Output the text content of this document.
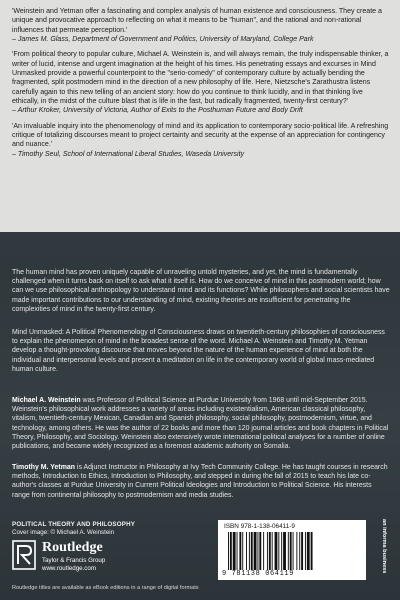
'Weinstein and Yetman offer a fascinating and complex analysis of human existence and consciousness. They create a unique and provocative approach to reflecting on what it means to be "human", and the rational and non-rational influences that permeate perception.'
– James M. Glass, Department of Government and Politics, University of Maryland, College Park

'From political theory to popular culture, Michael A. Weinstein is, and will always remain, the truly indispensable thinker, a writer of lucid, intense and urgent imagination at the height of his times. His penetrating essays and excurses in Mind Unmasked provide a powerful counterpoint to the "serio-comedy" of contemporary culture by actually bending the fragmented, split postmodern mind in the direction of a new philosophy of life. Here, Nietzsche's Zarathustra listens carefully again to this new telling of an ancient story: how do you continue to think lucidly, and in that thinking live ethically, in the midst of the culture blast that is life in the fast, but radically fragmented, twenty-first century?'
– Arthur Kroker, University of Victoria, Author of Exits to the Posthuman Future and Body Drift

'An invaluable inquiry into the phenomenology of mind and its application to contemporary socio-political life. A refreshing critique of totalizing discourses meant to project certainty and security at the expense of an appreciation for contingency and nuance.'
– Timothy Seul, School of International Liberal Studies, Waseda University

The human mind has proven uniquely capable of unraveling untold mysteries, and yet, the mind is fundamentally challenged when it turns back on itself to ask what it itself is. How do we conceive of mind in this postmodern world; how can we use philosophical anthropology to understand mind and its functions? While philosophers and social scientists have made important contributions to our understanding of mind, existing theories are insufficient for penetrating the complexities of mind in the twenty-first century.

Mind Unmasked: A Political Phenomenology of Consciousness draws on twentieth-century philosophies of consciousness to explain the phenomenon of mind in the broadest sense of the word. Michael A. Weinstein and Timothy M. Yetman develop a thought-provoking discourse that moves beyond the nature of the human experience of mind at both the individual and interpersonal levels and present a meditation on life in the contemporary world of global mass-mediated human culture.

Michael A. Weinstein was Professor of Political Science at Purdue University from 1968 until mid-September 2015. Weinstein's philosophical work addresses a variety of areas including existentialism, American classical philosophy, vitalism, twentieth-century Mexican, Canadian and Spanish philosophy, social philosophy, postmodernism, virtue, and technology, among others. He was the author of 22 books and more than 120 journal articles and book chapters in Political Theory, Philosophy, and Sociology. Weinstein also extensively wrote international political analyses for a number of online publications, and became widely recognized as a foremost academic authority on Somalia.

Timothy M. Yetman is Adjunct Instructor in Philosophy at Ivy Tech Community College. He has taught courses in research methods, Introduction to Ethics, Introduction to Philosophy, and stepped in during the fall of 2015 to teach his late co-author's classes at Purdue University in Current Political Ideologies and Introduction to Political Science. His interests range from continental philosophy to postmodernism and media studies.

POLITICAL THEORY AND PHILOSOPHY
Cover image: © Michael A. Weinstein
Routledge
Taylor & Francis Group
www.routledge.com
ISBN 978-1-138-06411-9
9 781138 064119
an informa business
Routledge titles are available as eBook editions in a range of digital formats
